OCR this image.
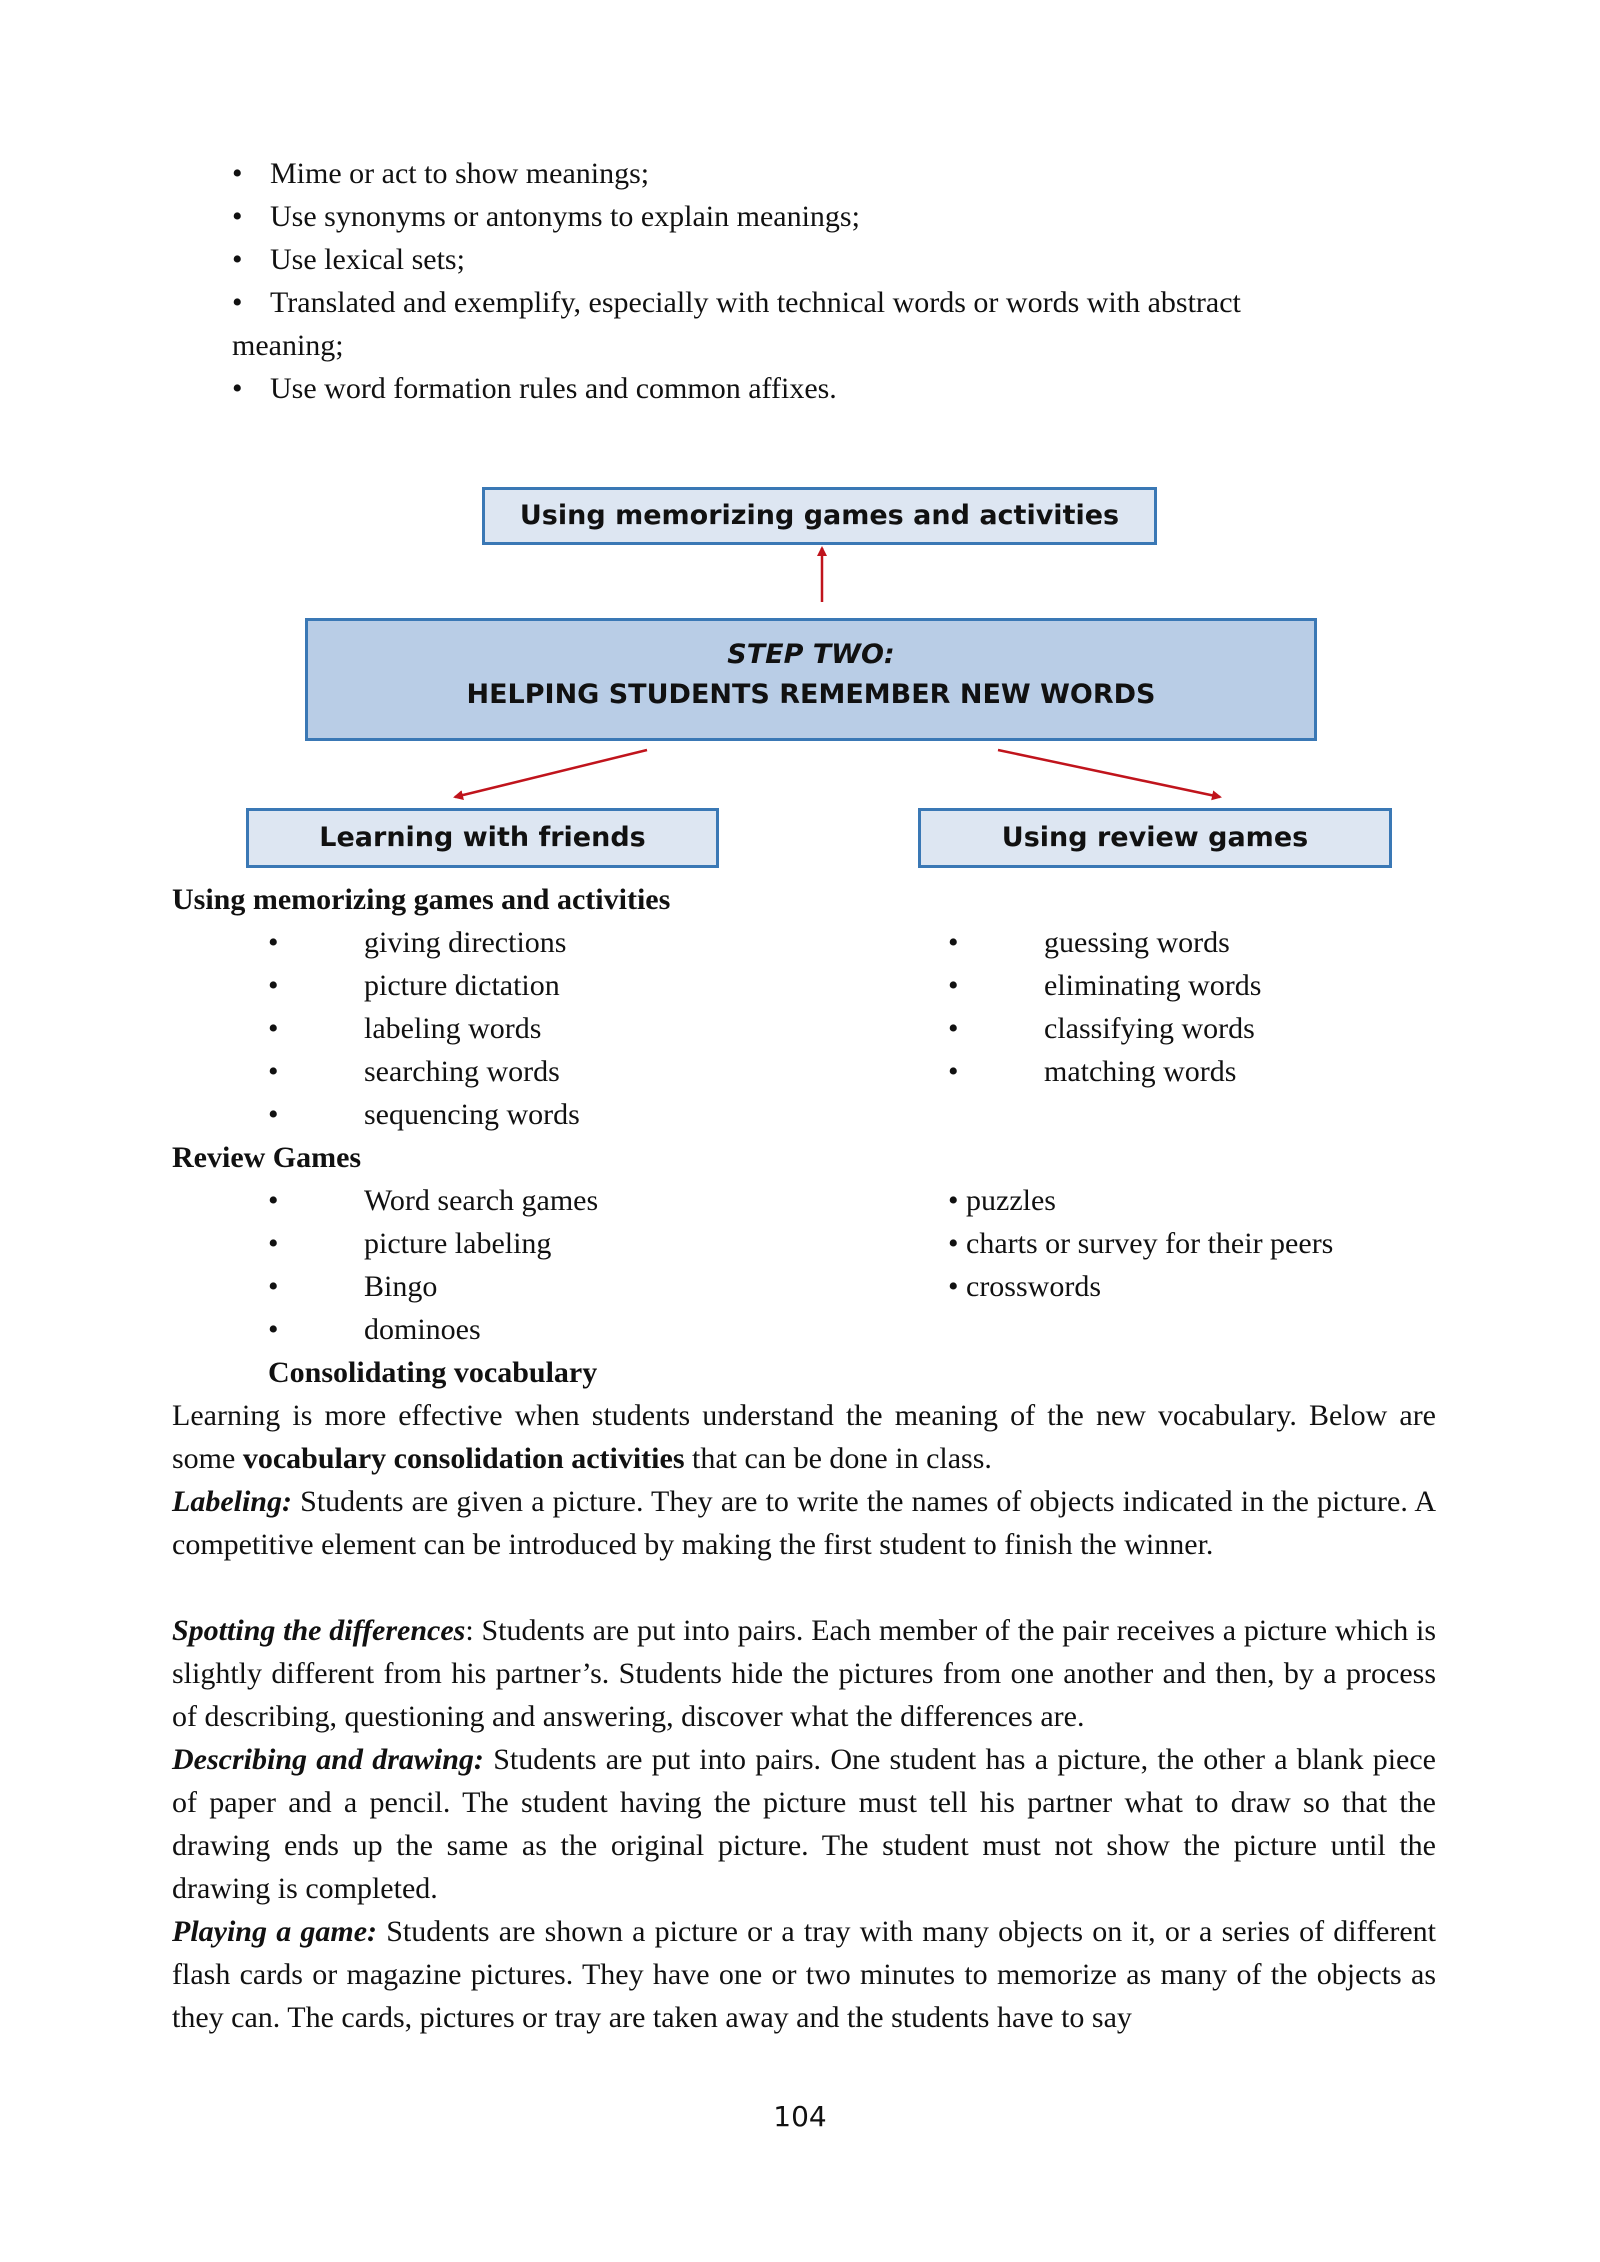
• Mime or act to show meanings;
• Use synonyms or antonyms to explain meanings;
• Use lexical sets;
• Translated and exemplify, especially with technical words or words with abstract
meaning;
• Use word formation rules and common affixes.
Using memorizing games and activities
STEP TWO:
HELPING STUDENTS REMEMBER NEW WORDS
Learning with friends	Using review games
Using memorizing games and activities
•	giving directions
•	picture dictation
•	labeling words
•	searching words
•	sequencing words
•	guessing words
•	eliminating words
•	classifying words
•	matching words
Review Games
•	Word search games
•	picture labeling
•	Bingo
•	dominoes
• puzzles
• charts or survey for their peers
• crosswords
Consolidating vocabulary
Learning is more effective when students understand the meaning of the new vocabulary. Below are some vocabulary consolidation activities that can be done in class.
Labeling: Students are given a picture. They are to write the names of objects indicated in the picture. A competitive element can be introduced by making the first student to finish the winner.
Spotting the differences: Students are put into pairs. Each member of the pair receives a picture which is slightly different from his partner’s. Students hide the pictures from one another and then, by a process of describing, questioning and answering, discover what the differences are.
Describing and drawing: Students are put into pairs. One student has a picture, the other a blank piece of paper and a pencil. The student having the picture must tell his partner what to draw so that the drawing ends up the same as the original picture. The student must not show the picture until the drawing is completed.
Playing a game: Students are shown a picture or a tray with many objects on it, or a series of different flash cards or magazine pictures. They have one or two minutes to memorize as many of the objects as they can. The cards, pictures or tray are taken away and the students have to say
104
